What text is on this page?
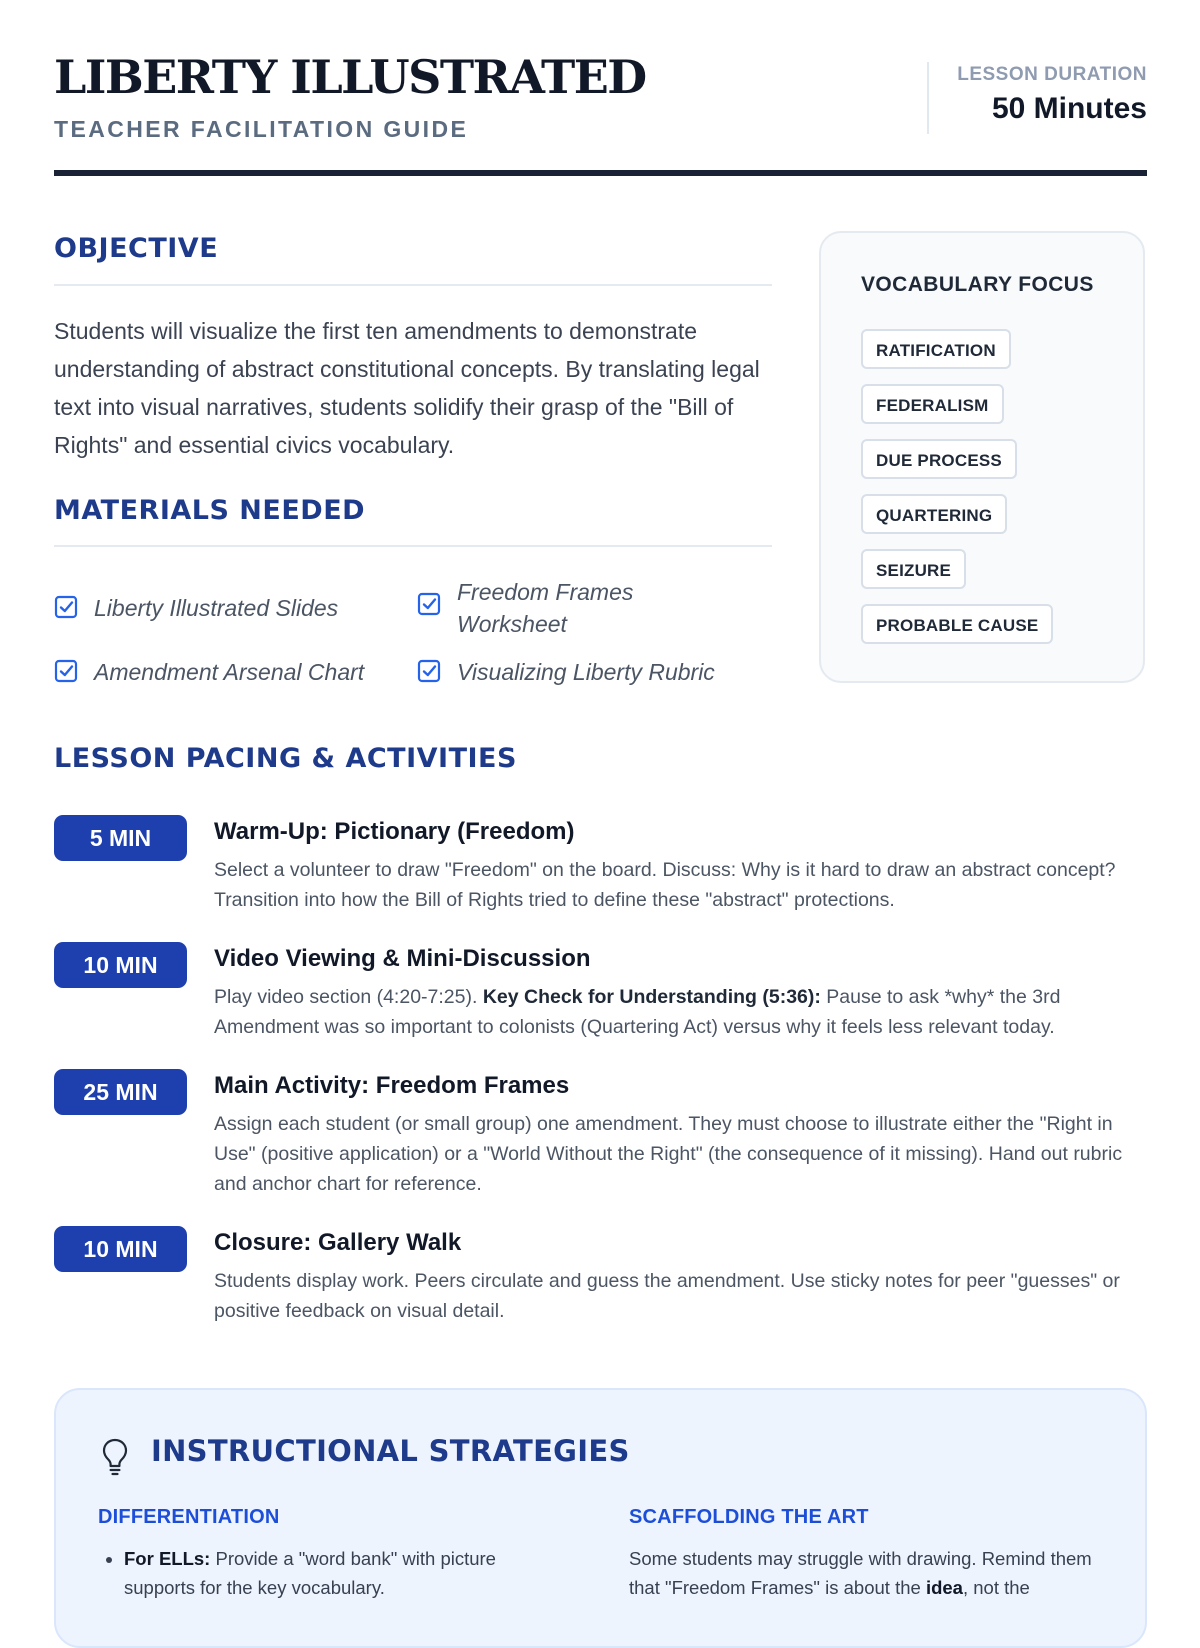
LIBERTY ILLUSTRATED
TEACHER FACILITATION GUIDE
LESSON DURATION
50 Minutes
OBJECTIVE

Students will visualize the first ten amendments to demonstrate understanding of abstract constitutional concepts. By translating legal text into visual narratives, students solidify their grasp of the "Bill of Rights" and essential civics vocabulary.

MATERIALS NEEDED
Liberty Illustrated Slides
Freedom Frames Worksheet
Amendment Arsenal Chart	Visualizing Liberty Rubric
VOCABULARY FOCUS
RATIFICATION
FEDERALISM
DUE PROCESS
QUARTERING
SEIZURE
PROBABLE CAUSE
LESSON PACING & ACTIVITIES
5 MIN	Warm-Up: Pictionary (Freedom)

Select a volunteer to draw "Freedom" on the board. Discuss: Why is it hard to draw an abstract concept? Transition into how the Bill of Rights tried to define these "abstract" protections.

10 MIN	Video Viewing & Mini-Discussion

Play video section (4:20-7:25). Key Check for Understanding (5:36): Pause to ask *why* the 3rd Amendment was so important to colonists (Quartering Act) versus why it feels less relevant today.

25 MIN	Main Activity: Freedom Frames

Assign each student (or small group) one amendment. They must choose to illustrate either the "Right in Use" (positive application) or a "World Without the Right" (the consequence of it missing). Hand out rubric and anchor chart for reference.

10 MIN	Closure: Gallery Walk

Students display work. Peers circulate and guess the amendment. Use sticky notes for peer "guesses" or positive feedback on visual detail.

INSTRUCTIONAL STRATEGIES
DIFFERENTIATION
• For ELLs: Provide a "word bank" with picture supports for the key vocabulary.
SCAFFOLDING THE ART

Some students may struggle with drawing. Remind them that "Freedom Frames" is about the idea, not the
